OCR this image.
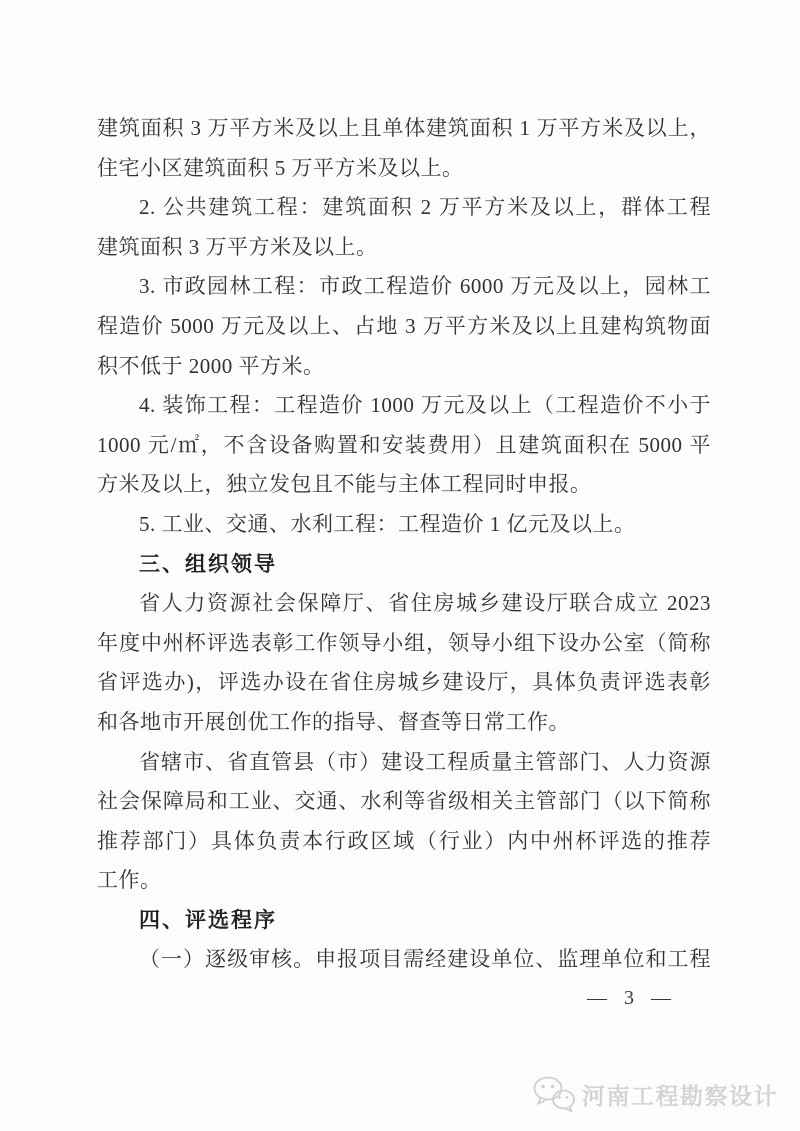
建筑面积 3 万平方米及以上且单体建筑面积 1 万平方米及以上，
住宅小区建筑面积 5 万平方米及以上。
2. 公共建筑工程：建筑面积 2 万平方米及以上，群体工程
建筑面积 3 万平方米及以上。
3. 市政园林工程：市政工程造价 6000 万元及以上，园林工
程造价 5000 万元及以上、占地 3 万平方米及以上且建构筑物面
积不低于 2000 平方米。
4. 装饰工程：工程造价 1000 万元及以上（工程造价不小于
1000 元/㎡，不含设备购置和安装费用）且建筑面积在 5000 平
方米及以上，独立发包且不能与主体工程同时申报。
5. 工业、交通、水利工程：工程造价 1 亿元及以上。
三、组织领导
省人力资源社会保障厅、省住房城乡建设厅联合成立 2023
年度中州杯评选表彰工作领导小组，领导小组下设办公室（简称
省评选办)，评选办设在省住房城乡建设厅，具体负责评选表彰
和各地市开展创优工作的指导、督查等日常工作。
省辖市、省直管县（市）建设工程质量主管部门、人力资源
社会保障局和工业、交通、水利等省级相关主管部门（以下简称
推荐部门）具体负责本行政区域（行业）内中州杯评选的推荐
工作。
四、评选程序
（一）逐级审核。申报项目需经建设单位、监理单位和工程
— 3 —
河南工程勘察设计
